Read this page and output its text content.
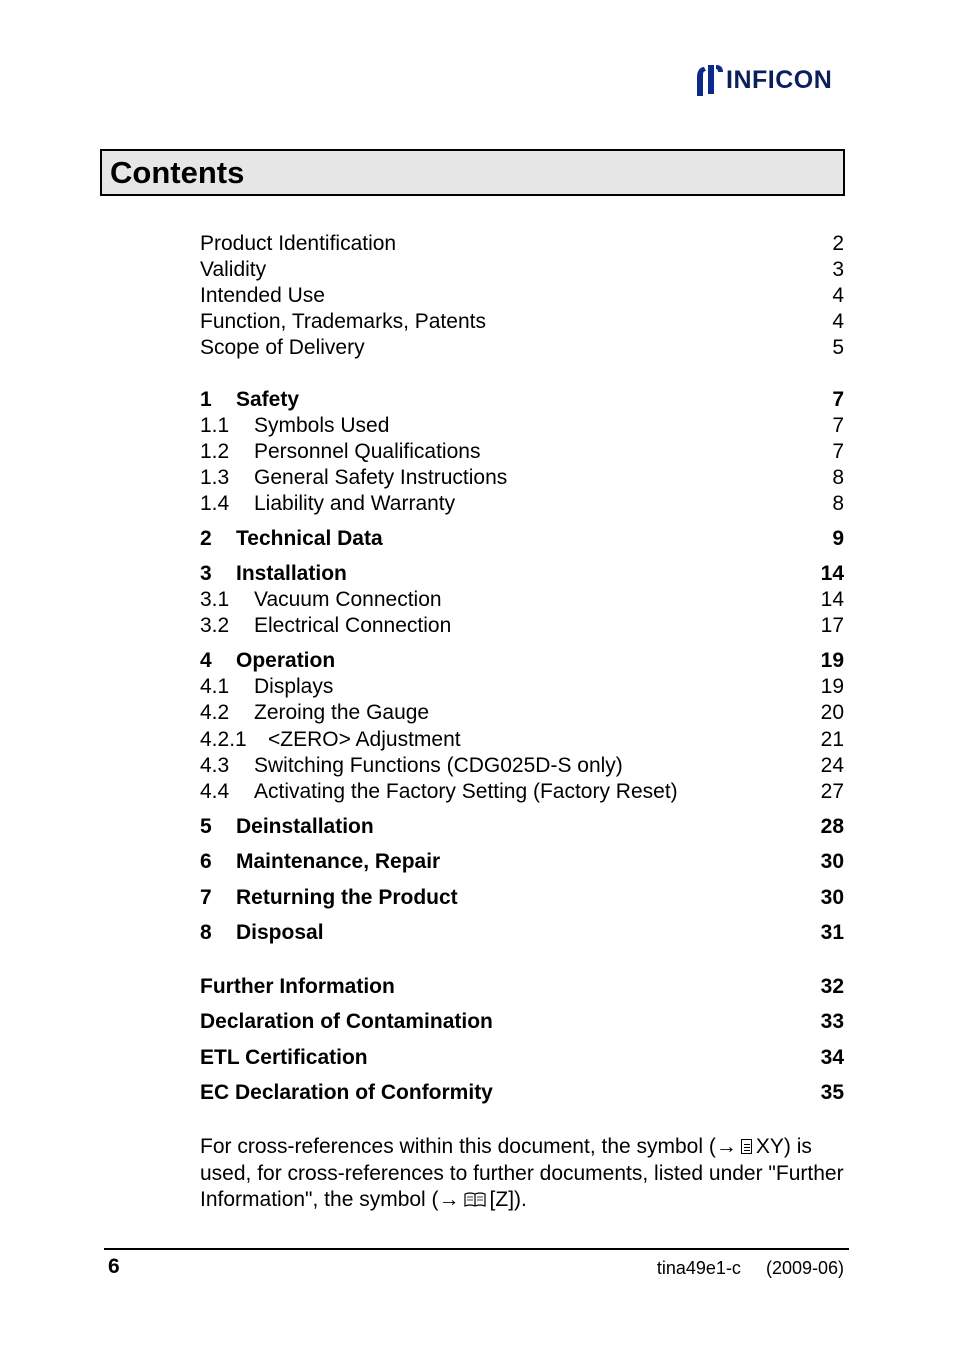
INFICON
Contents
Product Identification	2
Validity	3
Intended Use	4
Function, Trademarks, Patents	4
Scope of Delivery	5
1 Safety	7
1.1 Symbols Used	7
1.2 Personnel Qualifications	7
1.3 General Safety Instructions	8
1.4 Liability and Warranty	8
2 Technical Data	9
3 Installation	14
3.1 Vacuum Connection	14
3.2 Electrical Connection	17
4 Operation	19
4.1 Displays	19
4.2 Zeroing the Gauge	20
4.2.1 <ZERO> Adjustment	21
4.3 Switching Functions (CDG025D-S only)	24
4.4 Activating the Factory Setting (Factory Reset)	27
5 Deinstallation	28
6 Maintenance, Repair	30
7 Returning the Product	30
8 Disposal	31
Further Information	32
Declaration of Contamination	33
ETL Certification	34
EC Declaration of Conformity	35
For cross-references within this document, the symbol (→ XY) is used, for cross-references to further documents, listed under "Further Information", the symbol (→ [Z]).
6	tina49e1-c (2009-06)
